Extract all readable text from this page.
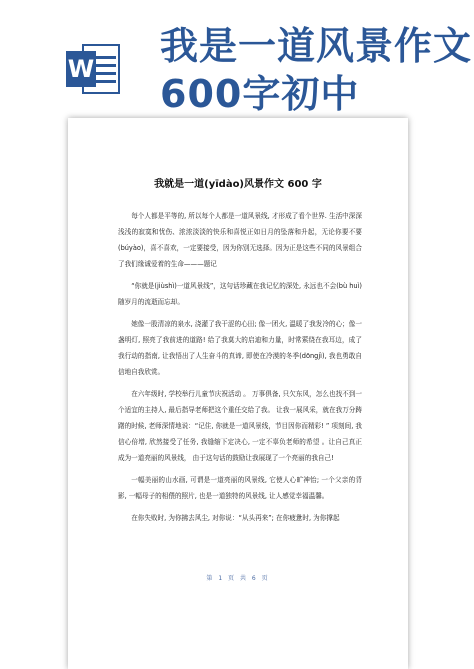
W
我是一道风景作文
600字初中
我就是一道(yīdào)风景作文 600 字

每个人都是平等的, 所以每个人都是一道风景线, 才形成了看个世界. 生活中深深浅浅的寂寞和忧伤、浓浓淡淡的快乐和喜悦正如日月的坠落和升起，无论你要不要(búyào)，喜不喜欢，一定要接受，因为你别无选择。因为正是这些不同的风景组合了我们缘诚爱着的生命———题记

“你就是(jiùshì)一道风景线”，这句话珍藏在我记忆的深处, 永远也不会(bù huì)随岁月的流逝而忘却。

她像一股清凉的泉水, 浇灌了我干涩的心田; 像一团火, 温暖了我发冷的心；像一盏明灯, 照亮了我前进的道路! 给了我莫大的启迪和力量，时常萦绕在我耳边，成了我行动的指南, 让我悟出了人生奋斗的真谛, 即使在冷漠的冬季(dōngjì), 我也勇敢自信地自我欣赏。

在六年级时, 学校举行儿童节庆祝活动 。 万事俱备, 只欠东风，怎么也找不到一个适宜的主持人, 最后指导老师把这个重任交给了我。 让我一展风采，就在我万分踌躇的时候, 老师深情地说：“记住, 你就是一道风景线，节目因你而精彩! ” 项刻间, 我信心倍增, 欣然接受了任务, 我缝缩下定决心, 一定不辜负老师的希望 。让自己真正成为一道亮丽的风景线， 由于这句话的鼓励让我展现了一个亮丽的我自己!

一幅美丽的山水画, 可谓是一道亮丽的风景线, 它使人心旷神怡; 一个父亲的背影, 一幅母子的相偎的照片, 也是一道独特的风景线, 让人感觉幸福温馨。

在你失败时, 为你拂去风尘, 对你说：“从头再来”; 在你疲惫时, 为你撑起

第 1 页 共 6 页
